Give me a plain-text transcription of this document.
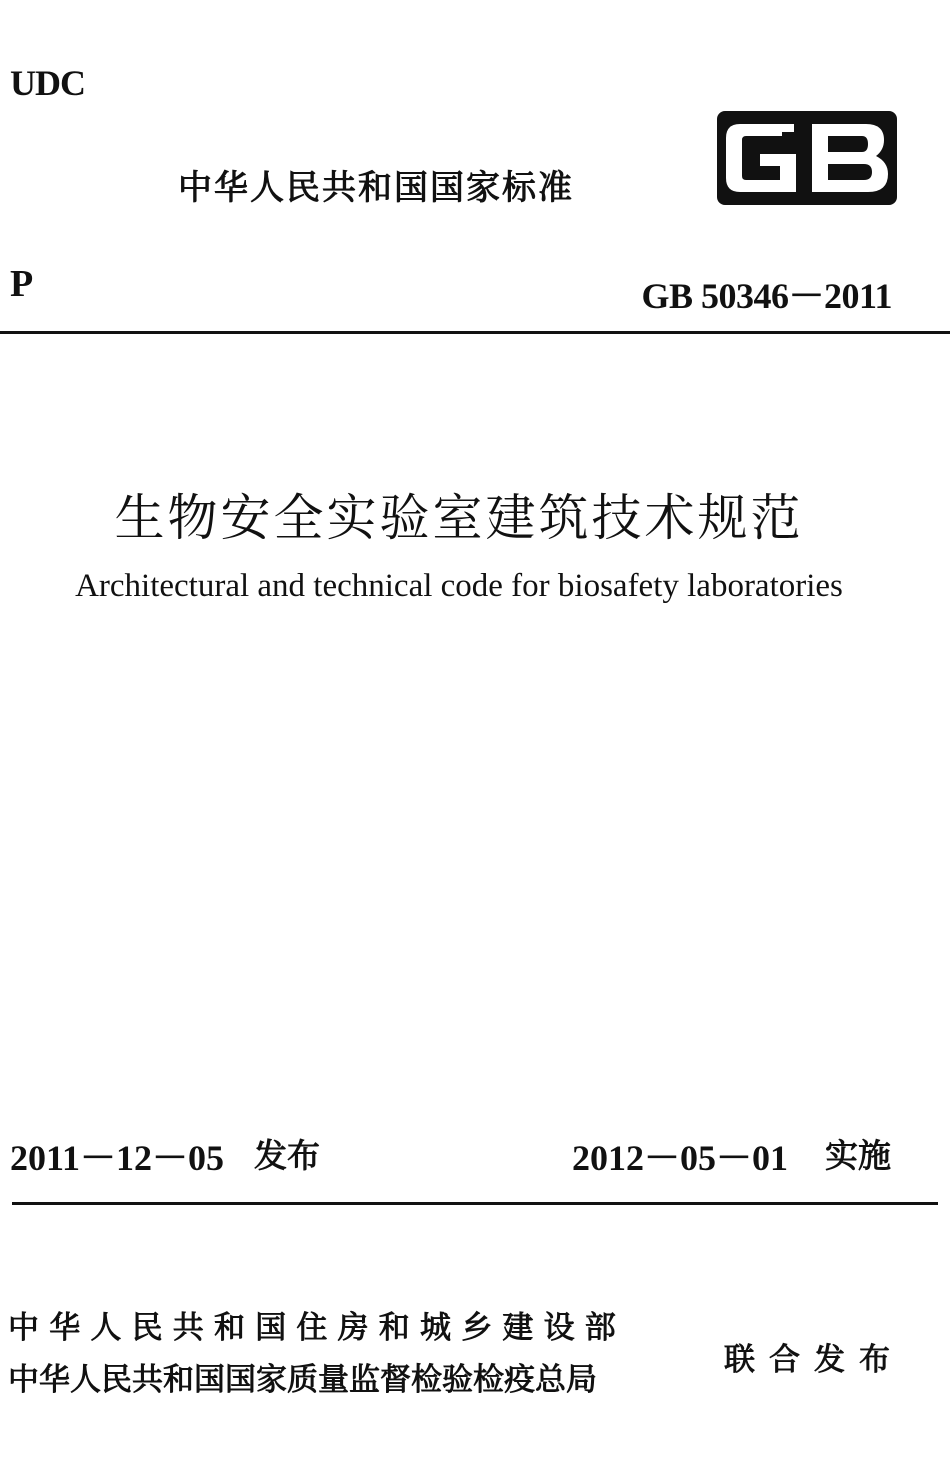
UDC
中华人民共和国国家标准
P	GB 50346－2011
生物安全实验室建筑技术规范
Architectural and technical code for biosafety laboratories
2011－12－05 发布	2012－05－01 实施
中华人民共和国住房和城乡建设部
中华人民共和国国家质量监督检验检疫总局
联合发布
